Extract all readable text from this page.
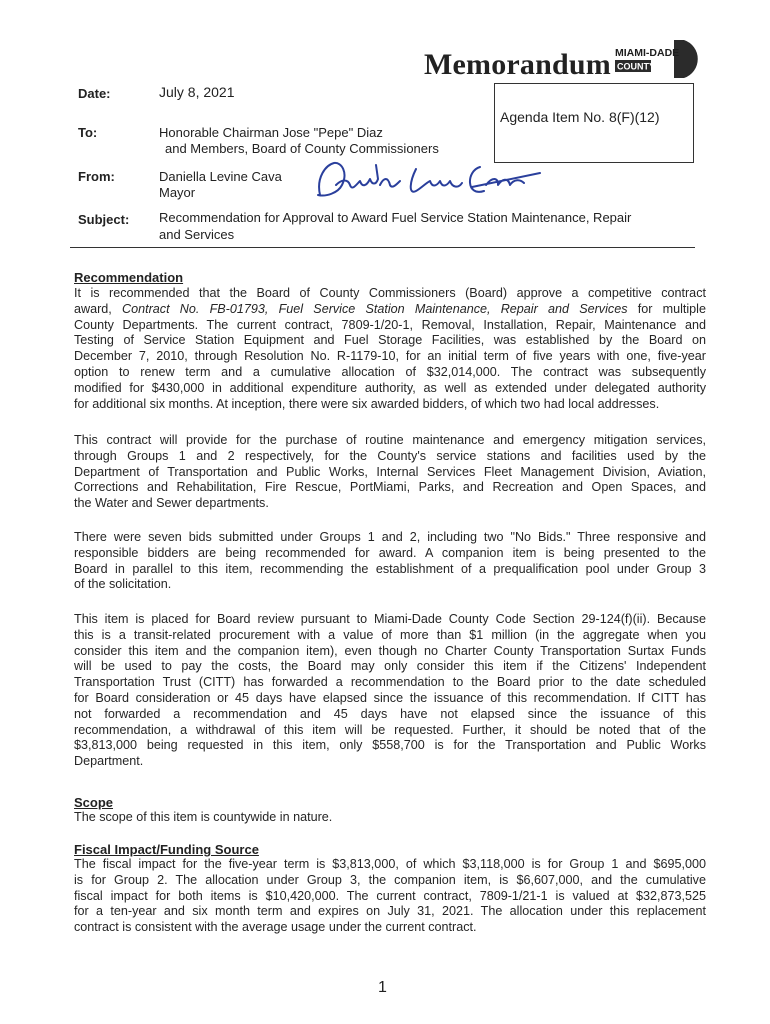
Memorandum MIAMI-DADE
COUNTY
Agenda Item No. 8(F)(12)
Date:	July 8, 2021
To:	Honorable Chairman Jose "Pepe" Diaz
and Members, Board of County Commissioners
From:	Daniella Levine Cava
Mayor
Subject: Recommendation for Approval to Award Fuel Service Station Maintenance, Repair
and Services
Recommendation
It is recommended that the Board of County Commissioners (Board) approve a competitive contract
award, Contract No. FB-01793, Fuel Service Station Maintenance, Repair and Services for multiple
County Departments. The current contract, 7809-1/20-1, Removal, Installation, Repair, Maintenance and
Testing of Service Station Equipment and Fuel Storage Facilities, was established by the Board on
December 7, 2010, through Resolution No. R-1179-10, for an initial term of five years with one, five-year
option to renew term and a cumulative allocation of $32,014,000. The contract was subsequently
modified for $430,000 in additional expenditure authority, as well as extended under delegated authority
for additional six months. At inception, there were six awarded bidders, of which two had local addresses.
This contract will provide for the purchase of routine maintenance and emergency mitigation services,
through Groups 1 and 2 respectively, for the County's service stations and facilities used by the
Department of Transportation and Public Works, Internal Services Fleet Management Division, Aviation,
Corrections and Rehabilitation, Fire Rescue, PortMiami, Parks, and Recreation and Open Spaces, and
the Water and Sewer departments.
There were seven bids submitted under Groups 1 and 2, including two "No Bids." Three responsive and
responsible bidders are being recommended for award. A companion item is being presented to the
Board in parallel to this item, recommending the establishment of a prequalification pool under Group 3
of the solicitation.
This item is placed for Board review pursuant to Miami-Dade County Code Section 29-124(f)(ii). Because
this is a transit-related procurement with a value of more than $1 million (in the aggregate when you
consider this item and the companion item), even though no Charter County Transportation Surtax Funds
will be used to pay the costs, the Board may only consider this item if the Citizens' Independent
Transportation Trust (CITT) has forwarded a recommendation to the Board prior to the date scheduled
for Board consideration or 45 days have elapsed since the issuance of this recommendation. If CITT has
not forwarded a recommendation and 45 days have not elapsed since the issuance of this
recommendation, a withdrawal of this item will be requested. Further, it should be noted that of the
$3,813,000 being requested in this item, only $558,700 is for the Transportation and Public Works
Department.
Scope
The scope of this item is countywide in nature.
Fiscal Impact/Funding Source
The fiscal impact for the five-year term is $3,813,000, of which $3,118,000 is for Group 1 and $695,000
is for Group 2. The allocation under Group 3, the companion item, is $6,607,000, and the cumulative
fiscal impact for both items is $10,420,000. The current contract, 7809-1/21-1 is valued at $32,873,525
for a ten-year and six month term and expires on July 31, 2021. The allocation under this replacement
contract is consistent with the average usage under the current contract.
1
